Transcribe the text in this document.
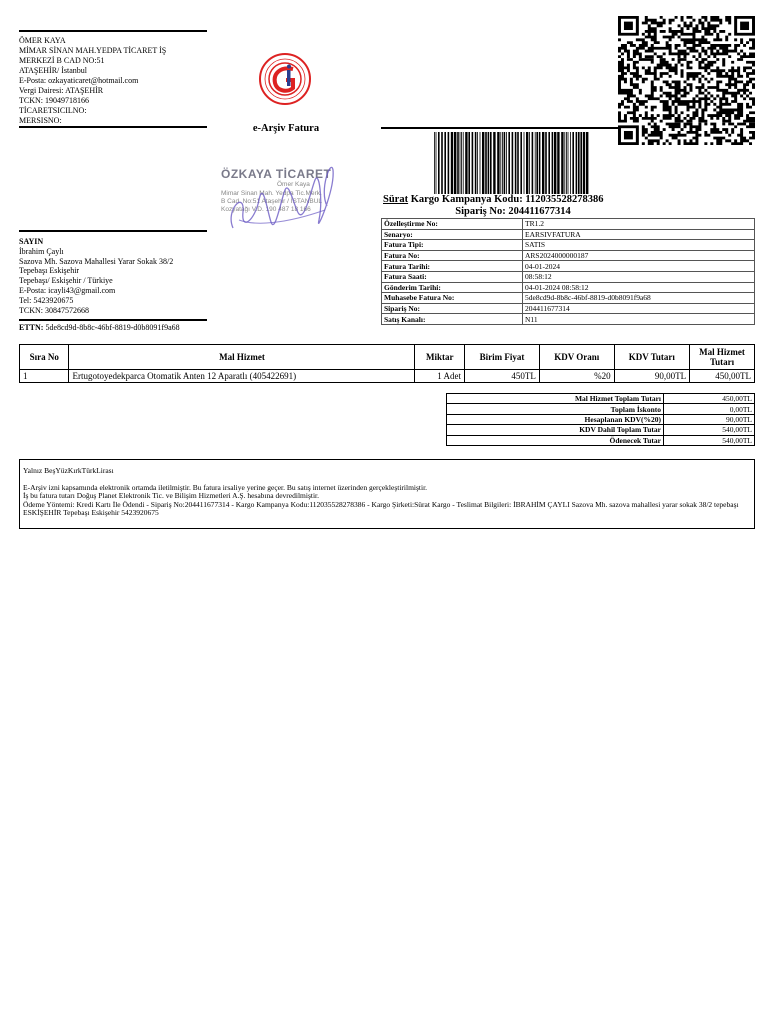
ÖMER KAYA
MİMAR SİNAN MAH.YEDPA TİCARET İŞ
MERKEZİ B CAD NO:51
ATAŞEHİR/ İstanbul
E-Posta: ozkayaticaret@hotmail.com
Vergi Dairesi: ATAŞEHİR
TCKN: 19049718166
TİCARETSICILNO:
MERSISNO:
e-Arşiv Fatura
ÖZKAYA TİCARET
Ömer Kaya
Mimar Sinan Mah. Yedpa Tic.Merk.
B Cad. No:51 Ataşehir / İSTANBUL
Kozyatağı V.D. 190 487 18 166
Sürat Kargo Kampanya Kodu: 112035528278386
Sipariş No: 204411677314
Özelleştirme No:	TR1.2
Senaryo:	EARSIVFATURA
Fatura Tipi:	SATIS
Fatura No:	ARS2024000000187
Fatura Tarihi:	04-01-2024
Fatura Saati:	08:58:12
Gönderim Tarihi:	04-01-2024 08:58:12
Muhasebe Fatura No:	5de8cd9d-8b8c-46bf-8819-d0b8091f9a68
Sipariş No:	204411677314
Satış Kanalı:	N11
SAYIN
İbrahim Çaylı
Sazova Mh. Sazova Mahallesi Yarar Sokak 38/2
Tepebaşı Eskişehir
Tepebaşı/ Eskişehir / Türkiye
E-Posta: icayli43@gmail.com
Tel: 5423920675
TCKN: 30847572668
ETTN: 5de8cd9d-8b8c-46bf-8819-d0b8091f9a68
Sıra No	Mal Hizmet	Miktar	Birim Fiyat	KDV Oranı	KDV Tutarı	Mal Hizmet Tutarı
1	Ertugotoyedekparca Otomatik Anten 12 Aparatlı (405422691)	1 Adet	450TL	%20	90,00TL	450,00TL
Mal Hizmet Toplam Tutarı	450,00TL
Toplam İskonto	0,00TL
Hesaplanan KDV(%20)	90,00TL
KDV Dahil Toplam Tutar	540,00TL
Ödenecek Tutar	540,00TL
Yalnız BeşYüzKırkTürkLirası
E-Arşiv izni kapsamında elektronik ortamda iletilmiştir. Bu fatura irsaliye yerine geçer. Bu satış internet üzerinden gerçekleştirilmiştir.
İş bu fatura tutarı Doğuş Planet Elektronik Tic. ve Bilişim Hizmetleri A.Ş. hesabına devredilmiştir.
Ödeme Yöntemi: Kredi Kartı İle Ödendi - Sipariş No:204411677314 - Kargo Kampanya Kodu:112035528278386 - Kargo Şirketi:Sürat Kargo - Teslimat Bilgileri: İBRAHİM ÇAYLI Sazova Mh. sazova mahallesi yarar sokak 38/2 tepebaşı ESKİŞEHİR Tepebaşı Eskişehir 5423920675
